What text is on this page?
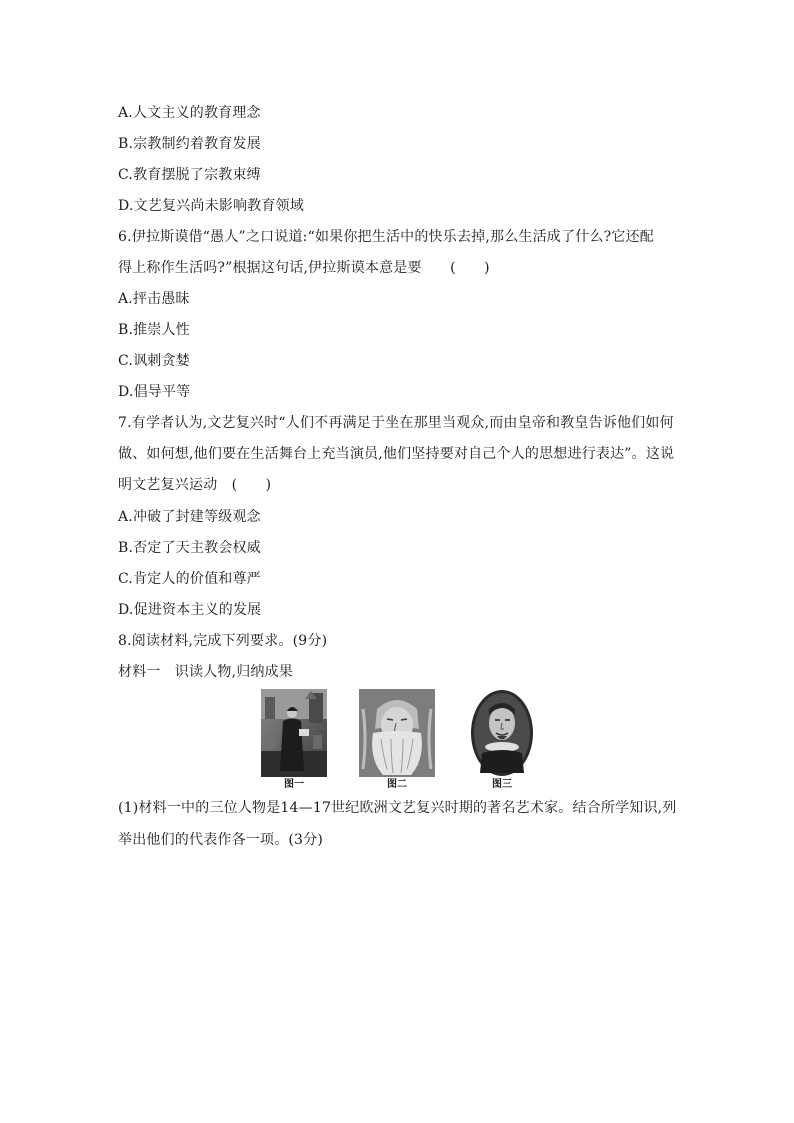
A.人文主义的教育理念
B.宗教制约着教育发展
C.教育摆脱了宗教束缚
D.文艺复兴尚未影响教育领域
6.伊拉斯谟借“愚人”之口说道:“如果你把生活中的快乐去掉,那么生活成了什么?它还配
得上称作生活吗?”根据这句话,伊拉斯谟本意是要　　(　　)
A.抨击愚昧
B.推崇人性
C.讽刺贪婪
D.倡导平等
7.有学者认为,文艺复兴时“人们不再满足于坐在那里当观众,而由皇帝和教皇告诉他们如何
做、如何想,他们要在生活舞台上充当演员,他们坚持要对自己个人的思想进行表达”。这说
明文艺复兴运动　(　　)
A.冲破了封建等级观念
B.否定了天主教会权威
C.肯定人的价值和尊严
D.促进资本主义的发展
8.阅读材料,完成下列要求。(9分)
材料一　识读人物,归纳成果
图一	图二	图三
(1)材料一中的三位人物是14—17世纪欧洲文艺复兴时期的著名艺术家。结合所学知识,列
举出他们的代表作各一项。(3分)
